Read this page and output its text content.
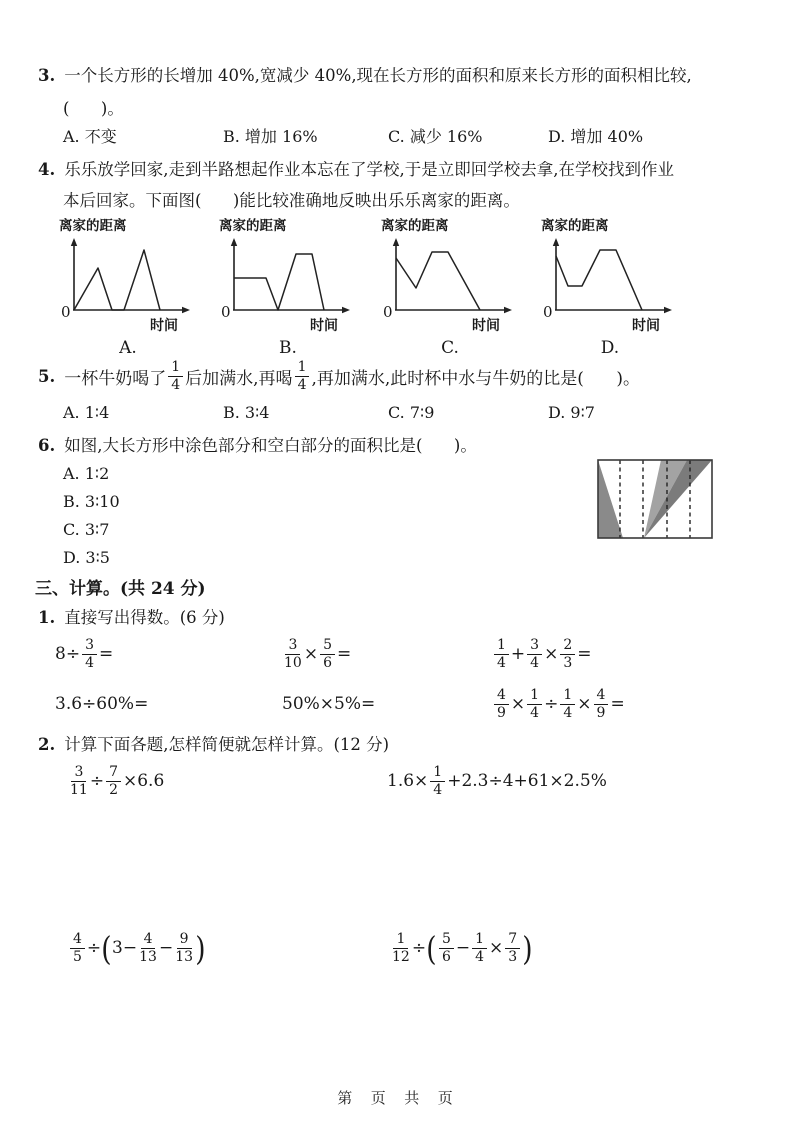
3. 一个长方形的长增加 40%,宽减少 40%,现在长方形的面积和原来长方形的面积相比较,
(      )。
A. 不变	B. 增加 16%	C. 减少 16%	D. 增加 40%
4. 乐乐放学回家,走到半路想起作业本忘在了学校,于是立即回学校去拿,在学校找到作业
本后回家。下面图(      )能比较准确地反映出乐乐离家的距离。
离家的距离
0
时间
A.
离家的距离
0
时间
B.
离家的距离
0
时间
C.
离家的距离
0
时间
D.
5. 一杯牛奶喝了 $\frac{1}{4}$ 后加满水,再喝 $\frac{1}{4}$ ,再加满水,此时杯中水与牛奶的比是(      )。
A. 1∶4	B. 3∶4	C. 7∶9	D. 9∶7
6. 如图,大长方形中涂色部分和空白部分的面积比是(      )。
A. 1∶2
B. 3∶10
C. 3∶7
D. 3∶5
三、计算。(共 24 分)
1. 直接写出得数。(6 分)
$8\div \frac{3}{4}$ =	$\frac{3}{10} \times \frac{5}{6}$ =	$\frac{1}{4} + \frac{3}{4} \times \frac{2}{3}$ =
3.6÷60%=	50%×5%=	$\frac{4}{9} \times \frac{1}{4} \div \frac{1}{4} \times \frac{4}{9}$ =
2. 计算下面各题,怎样简便就怎样计算。(12 分)
$\frac{3}{11} \div \frac{7}{2} \times 6.6$	$1.6\times \frac{1}{4} +2.3\div 4+61\times 2.5\%$
$\frac{4}{5}$ ÷ ( $3- \frac{4}{13} - \frac{9}{13}$ )	$\frac{1}{12}$ ÷ ( $\frac{5}{6} - \frac{1}{4} \times \frac{7}{3}$ )
第  页  共  页
